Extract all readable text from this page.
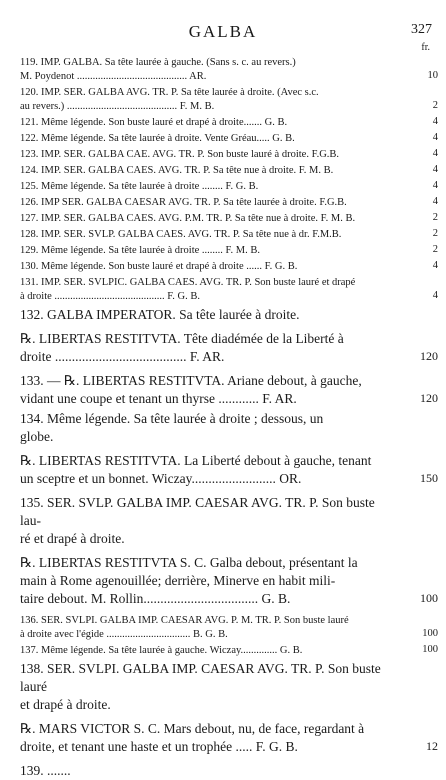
GALBA	327
fr.
119. IMP. GALBA. Sa tête laurée à gauche. (Sans s. c. au revers.)
M. Poydenot .......................................... AR.	10
120. IMP. SER. GALBA AVG. TR. P. Sa tête laurée à droite. (Avec s.c.
au revers.) .......................................... F. M. B.	2
121. Même légende. Son buste lauré et drapé à droite....... G. B.	4
122. Même légende. Sa tête laurée à droite. Vente Gréau..... G. B.	4
123. IMP. SER. GALBA CAE. AVG. TR. P. Son buste lauré à droite. F.G.B.	4
124. IMP. SER. GALBA CAES. AVG. TR. P. Sa tête nue à droite. F. M. B.	4
125. Même légende. Sa tête laurée à droite ........ F. G. B.	4
126. IMP SER. GALBA CAESAR AVG. TR. P. Sa tête laurée à droite. F.G.B.	4
127. IMP. SER. GALBA CAES. AVG. P.M. TR. P. Sa tête nue à droite. F. M. B.	2
128. IMP. SER. SVLP. GALBA CAES. AVG. TR. P. Sa tête nue à dr. F.M.B.	2
129. Même légende. Sa tête laurée à droite ........ F. M. B.	2
130. Même légende. Son buste lauré et drapé à droite ...... F. G. B.	4
131. IMP. SER. SVLPIC. GALBA CAES. AVG. TR. P. Son buste lauré et drapé
à droite .......................................... F. G. B.	4
132. GALBA IMPERATOR. Sa tête laurée à droite.
℞. LIBERTAS RESTITVTA. Tête diadémée de la Liberté à
droite ....................................... F. AR.	120
133. — ℞. LIBERTAS RESTITVTA. Ariane debout, à gauche,
vidant une coupe et tenant un thyrse ............ F. AR.	120
134. Même légende. Sa tête laurée à droite ; dessous, un
globe.
℞. LIBERTAS RESTITVTA. La Liberté debout à gauche, tenant
un sceptre et un bonnet. Wiczay......................... OR.	150
135. SER. SVLP. GALBA IMP. CAESAR AVG. TR. P. Son buste lau-
ré et drapé à droite.
℞. LIBERTAS RESTITVTA S. C. Galba debout, présentant la
main à Rome agenouillée; derrière, Minerve en habit mili-
taire debout. M. Rollin.................................. G. B.	100
136. SER. SVLPI. GALBA IMP. CAESAR AVG. P. M. TR. P. Son buste lauré
à droite avec l'égide ................................ B. G. B.	100
137. Même légende. Sa tête laurée à gauche. Wiczay.............. G. B.	100
138. SER. SVLPI. GALBA IMP. CAESAR AVG. TR. P. Son buste lauré
et drapé à droite.
℞. MARS VICTOR S. C. Mars debout, nu, de face, regardant à
droite, et tenant une haste et un trophée ..... F. G. B.	12
139. .......
